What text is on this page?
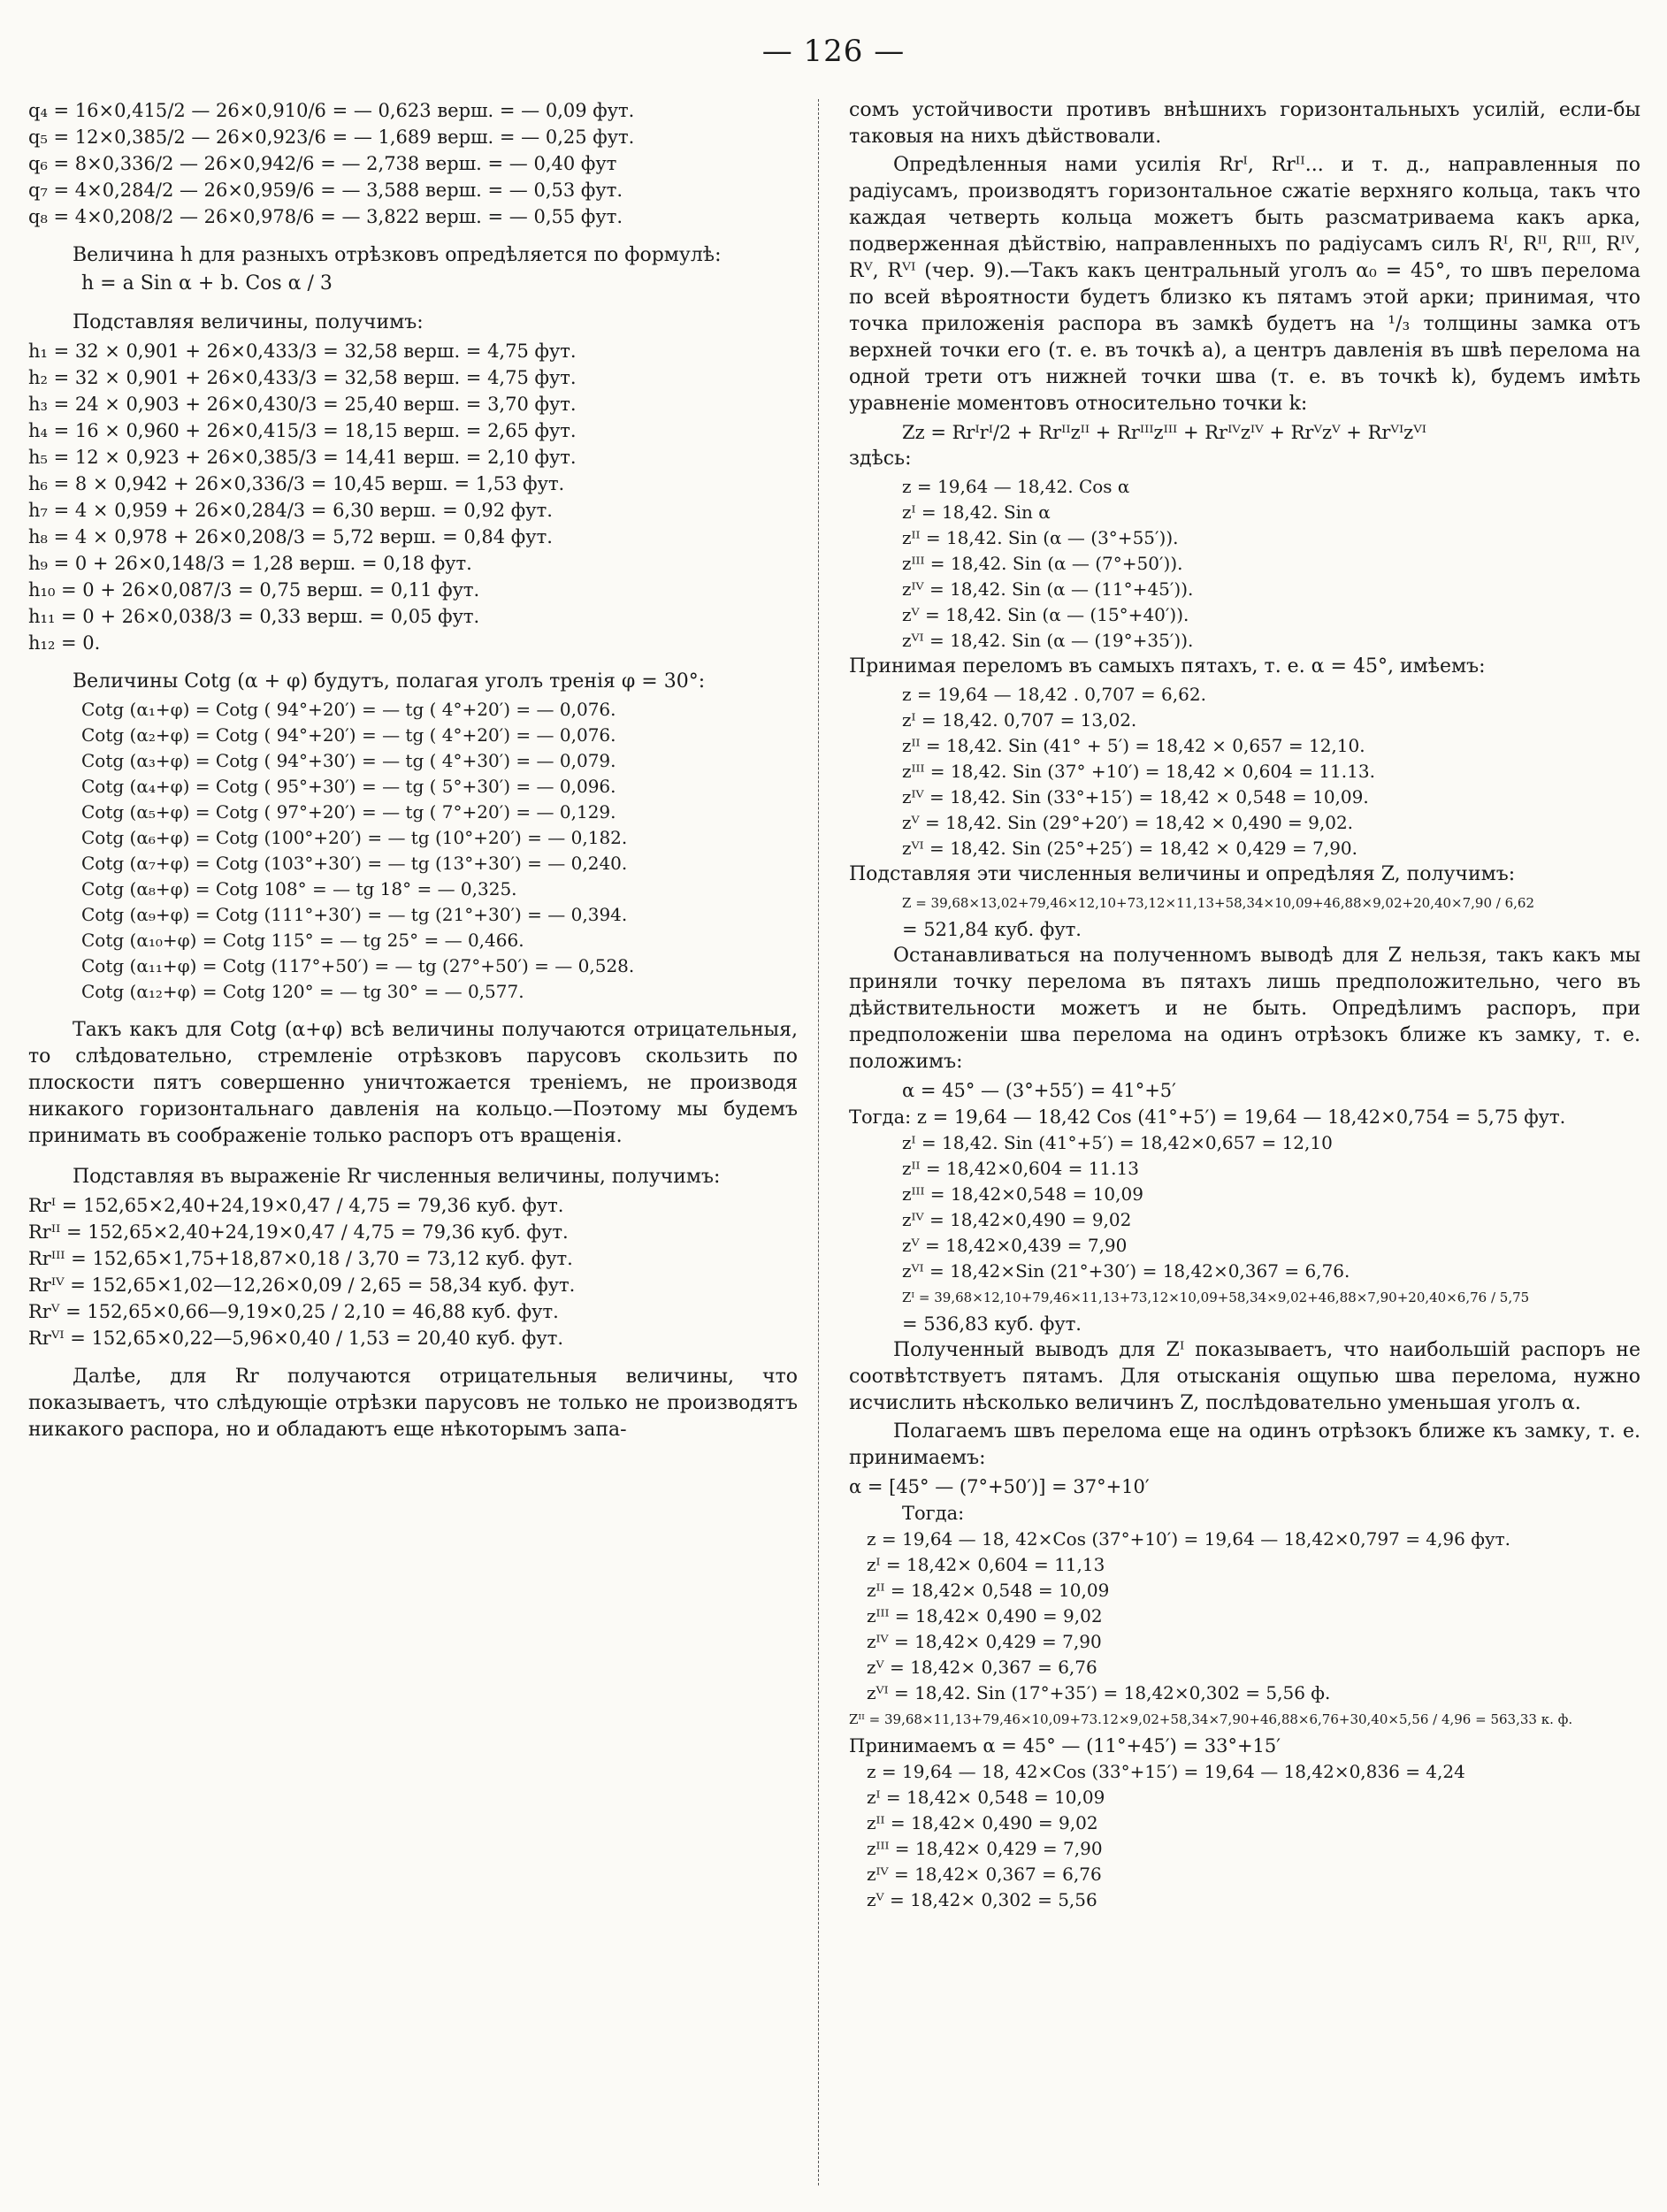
— 126 —
q₄ = 16×0,415/2 — 26×0,910/6 = — 0,623 верш. = — 0,09 фут.
q₅ = 12×0,385/2 — 26×0,923/6 = — 1,689 верш. = — 0,25 фут.
q₆ = 8×0,336/2 — 26×0,942/6 = — 2,738 верш. = — 0,40 фут
q₇ = 4×0,284/2 — 26×0,959/6 = — 3,588 верш. = — 0,53 фут.
q₈ = 4×0,208/2 — 26×0,978/6 = — 3,822 верш. = — 0,55 фут.

Величина h для разныхъ отрѣзковъ опредѣляется по формулѣ:

h = a Sin α + b. Cos α / 3

Подставляя величины, получимъ:

h₁ = 32 × 0,901 + 26×0,433/3 = 32,58 верш. = 4,75 фут.
h₂ = 32 × 0,901 + 26×0,433/3 = 32,58 верш. = 4,75 фут.
h₃ = 24 × 0,903 + 26×0,430/3 = 25,40 верш. = 3,70 фут.
h₄ = 16 × 0,960 + 26×0,415/3 = 18,15 верш. = 2,65 фут.
h₅ = 12 × 0,923 + 26×0,385/3 = 14,41 верш. = 2,10 фут.
h₆ = 8 × 0,942 + 26×0,336/3 = 10,45 верш. = 1,53 фут.
h₇ = 4 × 0,959 + 26×0,284/3 = 6,30 верш. = 0,92 фут.
h₈ = 4 × 0,978 + 26×0,208/3 = 5,72 верш. = 0,84 фут.
h₉ = 0 + 26×0,148/3 = 1,28 верш. = 0,18 фут.
h₁₀ = 0 + 26×0,087/3 = 0,75 верш. = 0,11 фут.
h₁₁ = 0 + 26×0,038/3 = 0,33 верш. = 0,05 фут.
h₁₂ = 0.

Величины Cotg (α + φ) будутъ, полагая уголъ тренія φ = 30°:

Cotg (α₁+φ) = Cotg ( 94°+20′) = — tg ( 4°+20′) = — 0,076.
Cotg (α₂+φ) = Cotg ( 94°+20′) = — tg ( 4°+20′) = — 0,076.
Cotg (α₃+φ) = Cotg ( 94°+30′) = — tg ( 4°+30′) = — 0,079.
Cotg (α₄+φ) = Cotg ( 95°+30′) = — tg ( 5°+30′) = — 0,096.
Cotg (α₅+φ) = Cotg ( 97°+20′) = — tg ( 7°+20′) = — 0,129.
Cotg (α₆+φ) = Cotg (100°+20′) = — tg (10°+20′) = — 0,182.
Cotg (α₇+φ) = Cotg (103°+30′) = — tg (13°+30′) = — 0,240.
Cotg (α₈+φ) = Cotg 108° = — tg 18° = — 0,325.
Cotg (α₉+φ) = Cotg (111°+30′) = — tg (21°+30′) = — 0,394.
Cotg (α₁₀+φ) = Cotg 115° = — tg 25° = — 0,466.
Cotg (α₁₁+φ) = Cotg (117°+50′) = — tg (27°+50′) = — 0,528.
Cotg (α₁₂+φ) = Cotg 120° = — tg 30° = — 0,577.

Такъ какъ для Cotg (α+φ) всѣ величины получаются отрицательныя, то слѣдовательно, стремленіе отрѣзковъ парусовъ скользить по плоскости пятъ совершенно уничтожается треніемъ, не производя никакого горизонтальнаго давленія на кольцо.—Поэтому мы будемъ принимать въ соображеніе только распоръ отъ вращенія.

Подставляя въ выраженіе Rr численныя величины, получимъ:

Rrᴵ = 152,65×2,40+24,19×0,47 / 4,75 = 79,36 куб. фут.
Rrᴵᴵ = 152,65×2,40+24,19×0,47 / 4,75 = 79,36 куб. фут.
Rrᴵᴵᴵ = 152,65×1,75+18,87×0,18 / 3,70 = 73,12 куб. фут.
Rrᴵⱽ = 152,65×1,02—12,26×0,09 / 2,65 = 58,34 куб. фут.
Rrⱽ = 152,65×0,66—9,19×0,25 / 2,10 = 46,88 куб. фут.
Rrⱽᴵ = 152,65×0,22—5,96×0,40 / 1,53 = 20,40 куб. фут.

Далѣе, для Rr получаются отрицательныя величины, что показываетъ, что слѣдующіе отрѣзки парусовъ не только не производятъ никакого распора, но и обладаютъ еще нѣкоторымъ запа-

сомъ устойчивости противъ внѣшнихъ горизонтальныхъ усилій, если-бы таковыя на нихъ дѣйствовали.

Опредѣленныя нами усилія Rrᴵ, Rrᴵᴵ... и т. д., направленныя по радіусамъ, производятъ горизонтальное сжатіе верхняго кольца, такъ что каждая четверть кольца можетъ быть разсматриваема какъ арка, подверженная дѣйствію, направленныхъ по радіусамъ силъ Rᴵ, Rᴵᴵ, Rᴵᴵᴵ, Rᴵⱽ, Rⱽ, Rⱽᴵ (чер. 9).—Такъ какъ центральный уголъ α₀ = 45°, то швъ перелома по всей вѣроятности будетъ близко къ пятамъ этой арки; принимая, что точка приложенія распора въ замкѣ будетъ на ¹/₃ толщины замка отъ верхней точки его (т. е. въ точкѣ a), а центръ давленія въ швѣ перелома на одной трети отъ нижней точки шва (т. е. въ точкѣ k), будемъ имѣть уравненіе моментовъ относительно точки k:

Zz = Rrᴵrᴵ/2 + Rrᴵᴵzᴵᴵ + Rrᴵᴵᴵzᴵᴵᴵ + Rrᴵⱽzᴵⱽ + Rrⱽzⱽ + Rrⱽᴵzⱽᴵ

здѣсь:

z = 19,64 — 18,42. Cos α
zᴵ = 18,42. Sin α
zᴵᴵ = 18,42. Sin (α — (3°+55′)).
zᴵᴵᴵ = 18,42. Sin (α — (7°+50′)).
zᴵⱽ = 18,42. Sin (α — (11°+45′)).
zⱽ = 18,42. Sin (α — (15°+40′)).
zⱽᴵ = 18,42. Sin (α — (19°+35′)).

Принимая переломъ въ самыхъ пятахъ, т. е. α = 45°, имѣемъ:

z = 19,64 — 18,42 . 0,707 = 6,62.
zᴵ = 18,42. 0,707 = 13,02.
zᴵᴵ = 18,42. Sin (41° + 5′) = 18,42 × 0,657 = 12,10.
zᴵᴵᴵ = 18,42. Sin (37° +10′) = 18,42 × 0,604 = 11.13.
zᴵⱽ = 18,42. Sin (33°+15′) = 18,42 × 0,548 = 10,09.
zⱽ = 18,42. Sin (29°+20′) = 18,42 × 0,490 = 9,02.
zⱽᴵ = 18,42. Sin (25°+25′) = 18,42 × 0,429 = 7,90.

Подставляя эти численныя величины и опредѣляя Z, получимъ:

Z = 39,68×13,02+79,46×12,10+73,12×11,13+58,34×10,09+46,88×9,02+20,40×7,90 / 6,62
= 521,84 куб. фут.

Останавливаться на полученномъ выводѣ для Z нельзя, такъ какъ мы приняли точку перелома въ пятахъ лишь предположительно, чего въ дѣйствительности можетъ и не быть. Опредѣлимъ распоръ, при предположеніи шва перелома на одинъ отрѣзокъ ближе къ замку, т. е. положимъ:

α = 45° — (3°+55′) = 41°+5′
Тогда: z = 19,64 — 18,42 Cos (41°+5′) = 19,64 — 18,42×0,754 = 5,75 фут.
zᴵ = 18,42. Sin (41°+5′) = 18,42×0,657 = 12,10
zᴵᴵ = 18,42×0,604 = 11.13
zᴵᴵᴵ = 18,42×0,548 = 10,09
zᴵⱽ = 18,42×0,490 = 9,02
zⱽ = 18,42×0,439 = 7,90
zⱽᴵ = 18,42×Sin (21°+30′) = 18,42×0,367 = 6,76.
Zᴵ = 39,68×12,10+79,46×11,13+73,12×10,09+58,34×9,02+46,88×7,90+20,40×6,76 / 5,75
= 536,83 куб. фут.

Полученный выводъ для Zᴵ показываетъ, что наибольшій распоръ не соотвѣтствуетъ пятамъ. Для отысканія ощупью шва перелома, нужно исчислить нѣсколько величинъ Z, послѣдовательно уменьшая уголъ α.

Полагаемъ швъ перелома еще на одинъ отрѣзокъ ближе къ замку, т. е. принимаемъ:

α = [45° — (7°+50′)] = 37°+10′
Тогда:
z = 19,64 — 18, 42×Cos (37°+10′) = 19,64 — 18,42×0,797 = 4,96 фут.
zᴵ = 18,42× 0,604 = 11,13
zᴵᴵ = 18,42× 0,548 = 10,09
zᴵᴵᴵ = 18,42× 0,490 = 9,02
zᴵⱽ = 18,42× 0,429 = 7,90
zⱽ = 18,42× 0,367 = 6,76
zⱽᴵ = 18,42. Sin (17°+35′) = 18,42×0,302 = 5,56 ф.
Zᴵᴵ = 39,68×11,13+79,46×10,09+73.12×9,02+58,34×7,90+46,88×6,76+30,40×5,56 / 4,96 = 563,33 к. ф.
Принимаемъ α = 45° — (11°+45′) = 33°+15′
z = 19,64 — 18, 42×Cos (33°+15′) = 19,64 — 18,42×0,836 = 4,24
zᴵ = 18,42× 0,548 = 10,09
zᴵᴵ = 18,42× 0,490 = 9,02
zᴵᴵᴵ = 18,42× 0,429 = 7,90
zᴵⱽ = 18,42× 0,367 = 6,76
zⱽ = 18,42× 0,302 = 5,56
